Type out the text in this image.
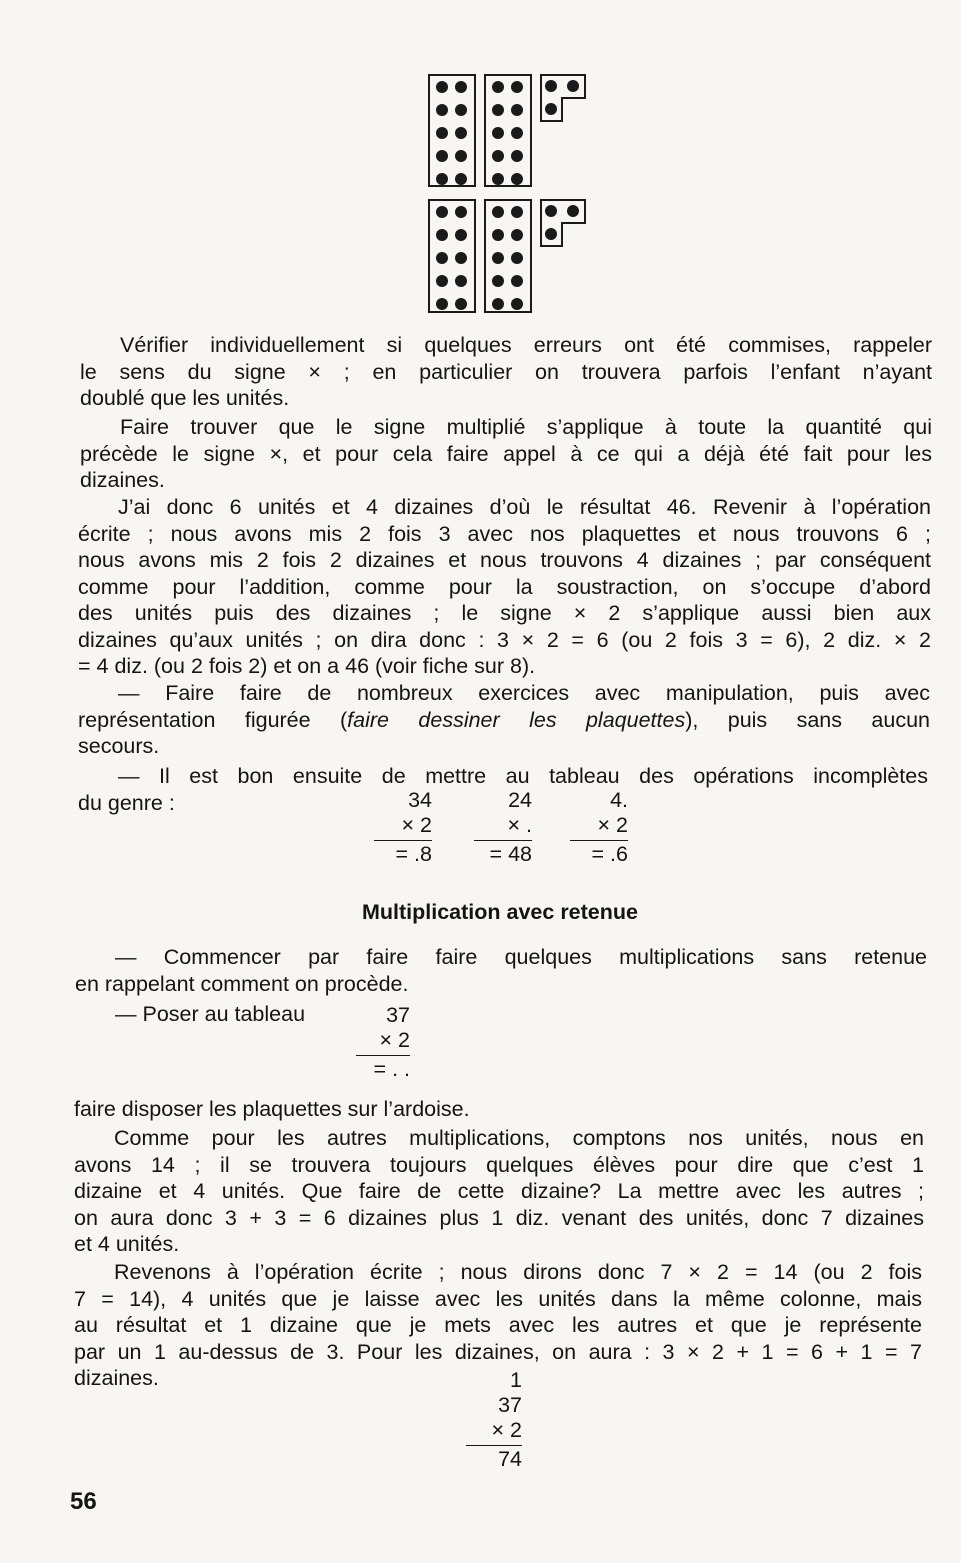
Vérifier individuellement si quelques erreurs ont été commises, rappeler
le sens du signe × ; en particulier on trouvera parfois l’enfant n’ayant
doublé que les unités.
Faire trouver que le signe multiplié s’applique à toute la quantité qui
précède le signe ×, et pour cela faire appel à ce qui a déjà été fait pour les
dizaines.
J’ai donc 6 unités et 4 dizaines d’où le résultat 46. Revenir à l’opération
écrite ; nous avons mis 2 fois 3 avec nos plaquettes et nous trouvons 6 ;
nous avons mis 2 fois 2 dizaines et nous trouvons 4 dizaines ; par conséquent
comme pour l’addition, comme pour la soustraction, on s’occupe d’abord
des unités puis des dizaines ; le signe × 2 s’applique aussi bien aux
dizaines qu’aux unités ; on dira donc : 3 × 2 = 6 (ou 2 fois 3 = 6), 2 diz. × 2
= 4 diz. (ou 2 fois 2) et on a 46 (voir fiche sur 8).
— Faire faire de nombreux exercices avec manipulation, puis avec
représentation figurée (faire dessiner les plaquettes), puis sans aucun
secours.
— Il est bon ensuite de mettre au tableau des opérations incomplètes
du genre :	34
× 2
= .8
24
× .
= 48
4.
× 2
= .6
Multiplication avec retenue
— Commencer par faire faire quelques multiplications sans retenue
en rappelant comment on procède.
— Poser au tableau	37
× 2
= . .
faire disposer les plaquettes sur l’ardoise.
Comme pour les autres multiplications, comptons nos unités, nous en
avons 14 ; il se trouvera toujours quelques élèves pour dire que c’est 1
dizaine et 4 unités. Que faire de cette dizaine? La mettre avec les autres ;
on aura donc 3 + 3 = 6 dizaines plus 1 diz. venant des unités, donc 7 dizaines
et 4 unités.
Revenons à l’opération écrite ; nous dirons donc 7 × 2 = 14 (ou 2 fois
7 = 14), 4 unités que je laisse avec les unités dans la même colonne, mais
au résultat et 1 dizaine que je mets avec les autres et que je représente
par un 1 au-dessus de 3. Pour les dizaines, on aura : 3 × 2 + 1 = 6 + 1 = 7
dizaines.	1
37
× 2
74
56
